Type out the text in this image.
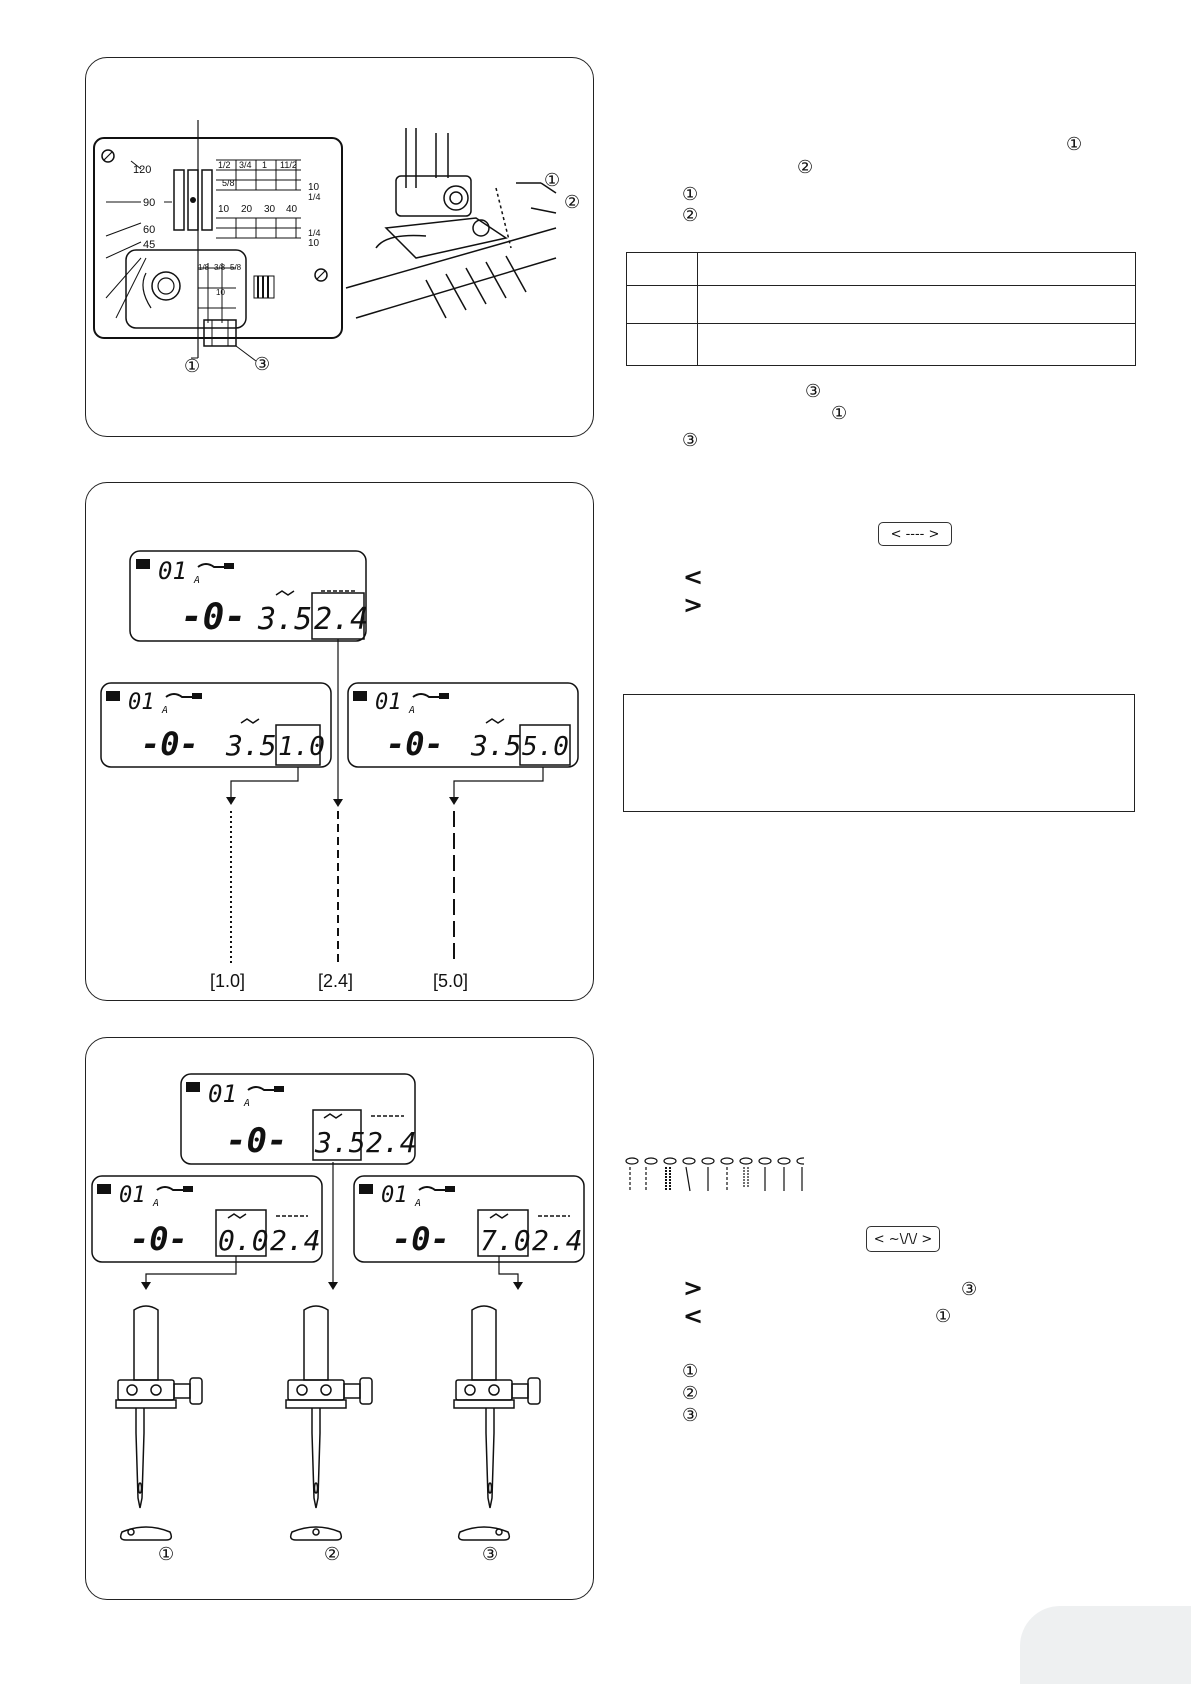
120
90
60
45
1/2 3/4 1 11/2
5/8
1/4
1/4
10 20 30 40
10
10
1/8 3/8 5/8
10
①	③
①
②
①
②
①
②
③
①
③
01 A
-0- 3.5 2.4
01 A
-0- 3.5 1.0
01 A
-0- 3.5 5.0
[1.0]	[2.4]	[5.0]
< ---- >
<
>
01 A
-0- 3.5 2.4
01 A
-0- 0.0 2.4
01 A
-0- 7.0 2.4
①	②	③
< ~\/\/ >
>	③
<	①
①
②
③
